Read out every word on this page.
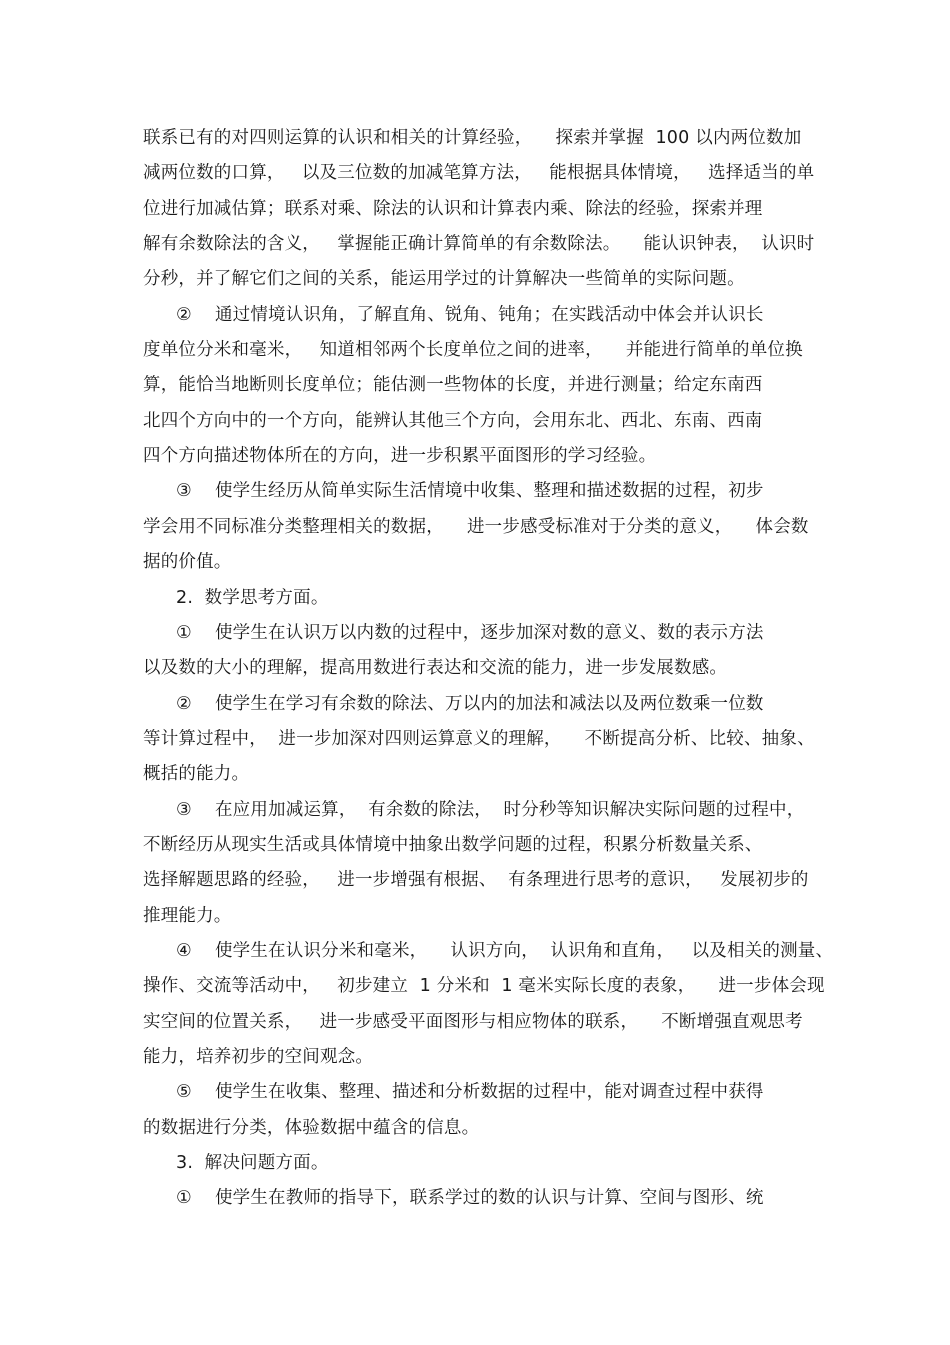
联系已有的对四则运算的认识和相关的计算经验，    探索并掌握  100 以内两位数加
减两位数的口算，   以及三位数的加减笔算方法，   能根据具体情境，   选择适当的单
位进行加减估算；联系对乘、除法的认识和计算表内乘、除法的经验，探索并理
解有余数除法的含义，   掌握能正确计算简单的有余数除法。    能认识钟表，  认识时
分秒，并了解它们之间的关系，能运用学过的计算解决一些简单的实际问题。
②    通过情境认识角，了解直角、锐角、钝角；在实践活动中体会并认识长
度单位分米和毫米，   知道相邻两个长度单位之间的进率，    并能进行简单的单位换
算，能恰当地断则长度单位；能估测一些物体的长度，并进行测量；给定东南西
北四个方向中的一个方向，能辨认其他三个方向，会用东北、西北、东南、西南
四个方向描述物体所在的方向，进一步积累平面图形的学习经验。
③    使学生经历从简单实际生活情境中收集、整理和描述数据的过程，初步
学会用不同标准分类整理相关的数据，    进一步感受标准对于分类的意义，    体会数
据的价值。
2.  数学思考方面。
①    使学生在认识万以内数的过程中，逐步加深对数的意义、数的表示方法
以及数的大小的理解，提高用数进行表达和交流的能力，进一步发展数感。
②    使学生在学习有余数的除法、万以内的加法和减法以及两位数乘一位数
等计算过程中，  进一步加深对四则运算意义的理解，    不断提高分析、比较、抽象、
概括的能力。
③    在应用加减运算，  有余数的除法，  时分秒等知识解决实际问题的过程中，
不断经历从现实生活或具体情境中抽象出数学问题的过程，积累分析数量关系、
选择解题思路的经验，   进一步增强有根据、  有条理进行思考的意识，   发展初步的
推理能力。
④    使学生在认识分米和毫米，    认识方向，  认识角和直角，   以及相关的测量、
操作、交流等活动中，   初步建立  1 分米和  1 毫米实际长度的表象，    进一步体会现
实空间的位置关系，   进一步感受平面图形与相应物体的联系，    不断增强直观思考
能力，培养初步的空间观念。
⑤    使学生在收集、整理、描述和分析数据的过程中，能对调查过程中获得
的数据进行分类，体验数据中蕴含的信息。
3.  解决问题方面。
①    使学生在教师的指导下，联系学过的数的认识与计算、空间与图形、统
